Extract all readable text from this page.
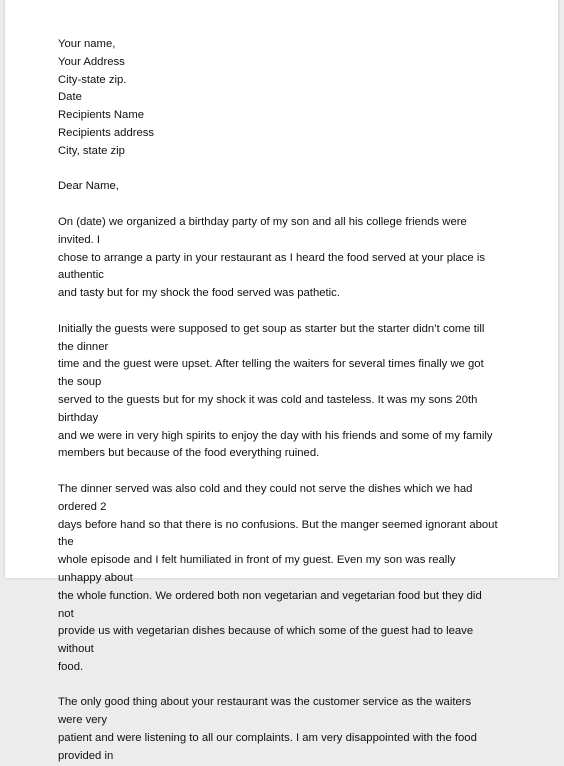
Your name,

Your Address

City-state zip.

Date

Recipients Name

Recipients address

City, state zip

Dear Name,

On (date) we organized a birthday party of my son and all his college friends were invited. I
chose to arrange a party in your restaurant as I heard the food served at your place is authentic
and tasty but for my shock the food served was pathetic.

Initially the guests were supposed to get soup as starter but the starter didn’t come till the dinner
time and the guest were upset. After telling the waiters for several times finally we got the soup
served to the guests but for my shock it was cold and tasteless. It was my sons 20th birthday
and we were in very high spirits to enjoy the day with his friends and some of my family
members but because of the food everything ruined.

The dinner served was also cold and they could not serve the dishes which we had ordered 2
days before hand so that there is no confusions. But the manger seemed ignorant about the
whole episode and I felt humiliated in front of my guest. Even my son was really unhappy about
the whole function. We ordered both non vegetarian and vegetarian food but they did not
provide us with vegetarian dishes because of which some of the guest had to leave without
food.

The only good thing about your restaurant was the customer service as the waiters were very
patient and were listening to all our complaints. I am very disappointed with the food provided in
